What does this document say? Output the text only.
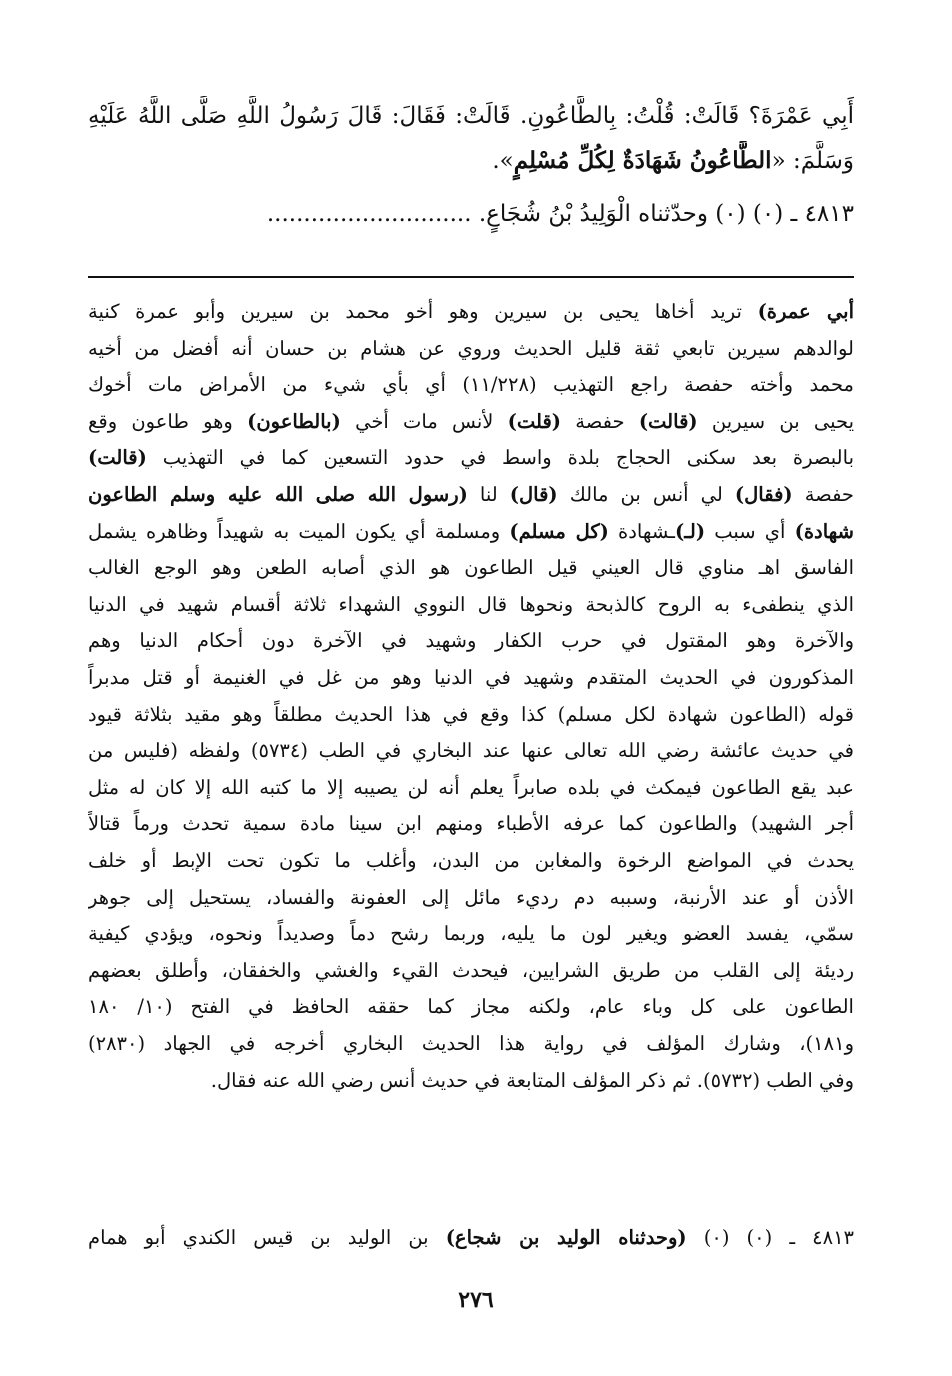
أَبِي عَمْرَةَ؟ قَالَتْ: قُلْتُ: بِالطَّاعُونِ. قَالَتْ: فَقَالَ: قَالَ رَسُولُ اللَّهِ صَلَّى اللَّهُ عَلَيْهِ
وَسَلَّمَ: «الطَّاعُونُ شَهَادَةٌ لِكُلِّ مُسْلِمٍ».
٤٨١٣ ـ (٠) (٠) وحدّثناه الْوَلِيدُ بْنُ شُجَاعٍ. ............................
أبي عمرة) تريد أخاها يحيى بن سيرين وهو أخو محمد بن سيرين وأبو عمرة كنية
لوالدهم سيرين تابعي ثقة قليل الحديث وروي عن هشام بن حسان أنه أفضل من أخيه
محمد وأخته حفصة راجع التهذيب (١١/٢٢٨) أي بأي شيء من الأمراض مات أخوك
يحيى بن سيرين (قالت) حفصة (قلت) لأنس مات أخي (بالطاعون) وهو طاعون وقع
بالبصرة بعد سكنى الحجاج بلدة واسط في حدود التسعين كما في التهذيب (قالت)
حفصة (فقال) لي أنس بن مالك (قال) لنا (رسول الله صلى الله عليه وسلم الطاعون
شهادة) أي سبب (لـ)ـشهادة (كل مسلم) ومسلمة أي يكون الميت به شهيداً وظاهره يشمل
الفاسق اهـ مناوي قال العيني قيل الطاعون هو الذي أصابه الطعن وهو الوجع الغالب
الذي ينطفىء به الروح كالذبحة ونحوها قال النووي الشهداء ثلاثة أقسام شهيد في الدنيا
والآخرة وهو المقتول في حرب الكفار وشهيد في الآخرة دون أحكام الدنيا وهم
المذكورون في الحديث المتقدم وشهيد في الدنيا وهو من غل في الغنيمة أو قتل مدبراً
قوله (الطاعون شهادة لكل مسلم) كذا وقع في هذا الحديث مطلقاً وهو مقيد بثلاثة قيود
في حديث عائشة رضي الله تعالى عنها عند البخاري في الطب (٥٧٣٤) ولفظه (فليس من
عبد يقع الطاعون فيمكث في بلده صابراً يعلم أنه لن يصيبه إلا ما كتبه الله إلا كان له مثل
أجر الشهيد) والطاعون كما عرفه الأطباء ومنهم ابن سينا مادة سمية تحدث ورماً قتالاً
يحدث في المواضع الرخوة والمغابن من البدن، وأغلب ما تكون تحت الإبط أو خلف
الأذن أو عند الأرنبة، وسببه دم رديء مائل إلى العفونة والفساد، يستحيل إلى جوهر
سمّي، يفسد العضو ويغير لون ما يليه، وربما رشح دماً وصديداً ونحوه، ويؤدي كيفية
رديئة إلى القلب من طريق الشرايين، فيحدث القيء والغشي والخفقان، وأطلق بعضهم
الطاعون على كل وباء عام، ولكنه مجاز كما حققه الحافظ في الفتح (١٠/ ١٨٠
و١٨١)، وشارك المؤلف في رواية هذا الحديث البخاري أخرجه في الجهاد (٢٨٣٠)
وفي الطب (٥٧٣٢). ثم ذكر المؤلف المتابعة في حديث أنس رضي الله عنه فقال.
٤٨١٣ ـ (٠) (٠) (وحدثناه الوليد بن شجاع) بن الوليد بن قيس الكندي أبو همام
٢٧٦
